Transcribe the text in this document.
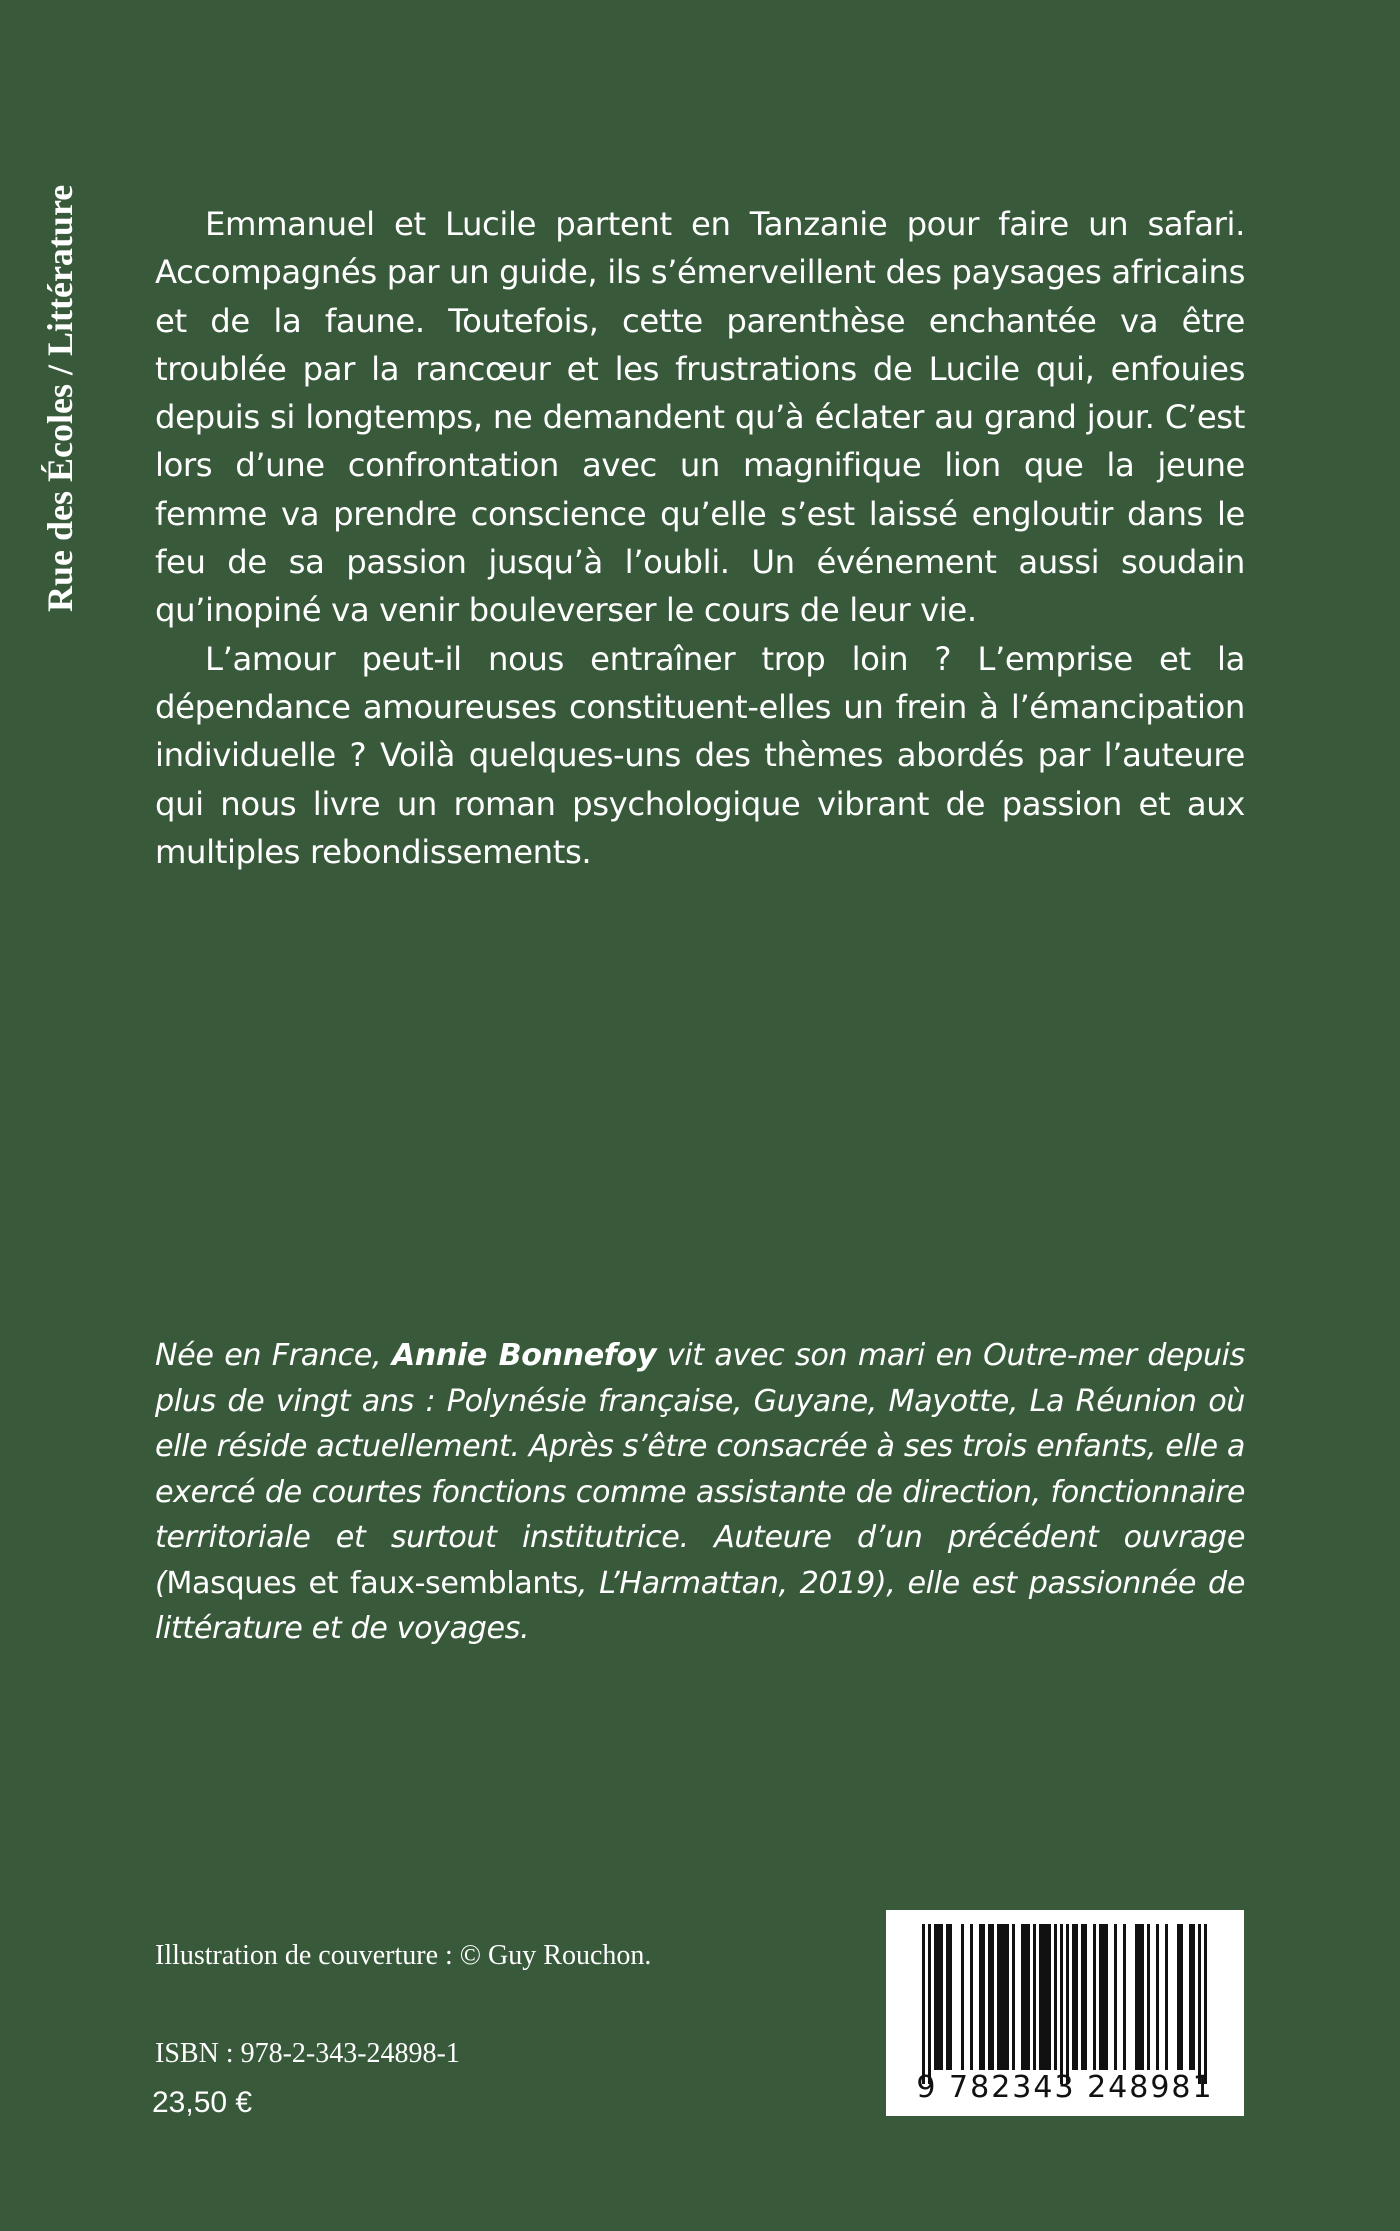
Rue des Écoles / Littérature	Emmanuel et Lucile partent en Tanzanie pour faire un safari. Accompagnés par un guide, ils s’émerveillent des paysages africains et de la faune. Toutefois, cette parenthèse enchantée va être troublée par la rancœur et les frustrations de Lucile qui, enfouies depuis si longtemps, ne demandent qu’à éclater au grand jour. C’est lors d’une confrontation avec un magnifique lion que la jeune femme va prendre conscience qu’elle s’est laissé engloutir dans le feu de sa passion jusqu’à l’oubli. Un événement aussi soudain qu’inopiné va venir bouleverser le cours de leur vie.

L’amour peut-il nous entraîner trop loin ? L’emprise et la dépendance amoureuses constituent-elles un frein à l’émancipation individuelle ? Voilà quelques-uns des thèmes abordés par l’auteure qui nous livre un roman psychologique vibrant de passion et aux multiples rebondissements.

Née en France, Annie Bonnefoy vit avec son mari en Outre-mer depuis plus de vingt ans : Polynésie française, Guyane, Mayotte, La Réunion où elle réside actuellement. Après s’être consacrée à ses trois enfants, elle a exercé de courtes fonctions comme assistante de direction, fonctionnaire territoriale et surtout institutrice. Auteure d’un précédent ouvrage (Masques et faux-semblants, L’Harmattan, 2019), elle est passionnée de littérature et de voyages.

Illustration de couverture : © Guy Rouchon.
ISBN : 978-2-343-24898-1
23,50 €	9 782343 248981
